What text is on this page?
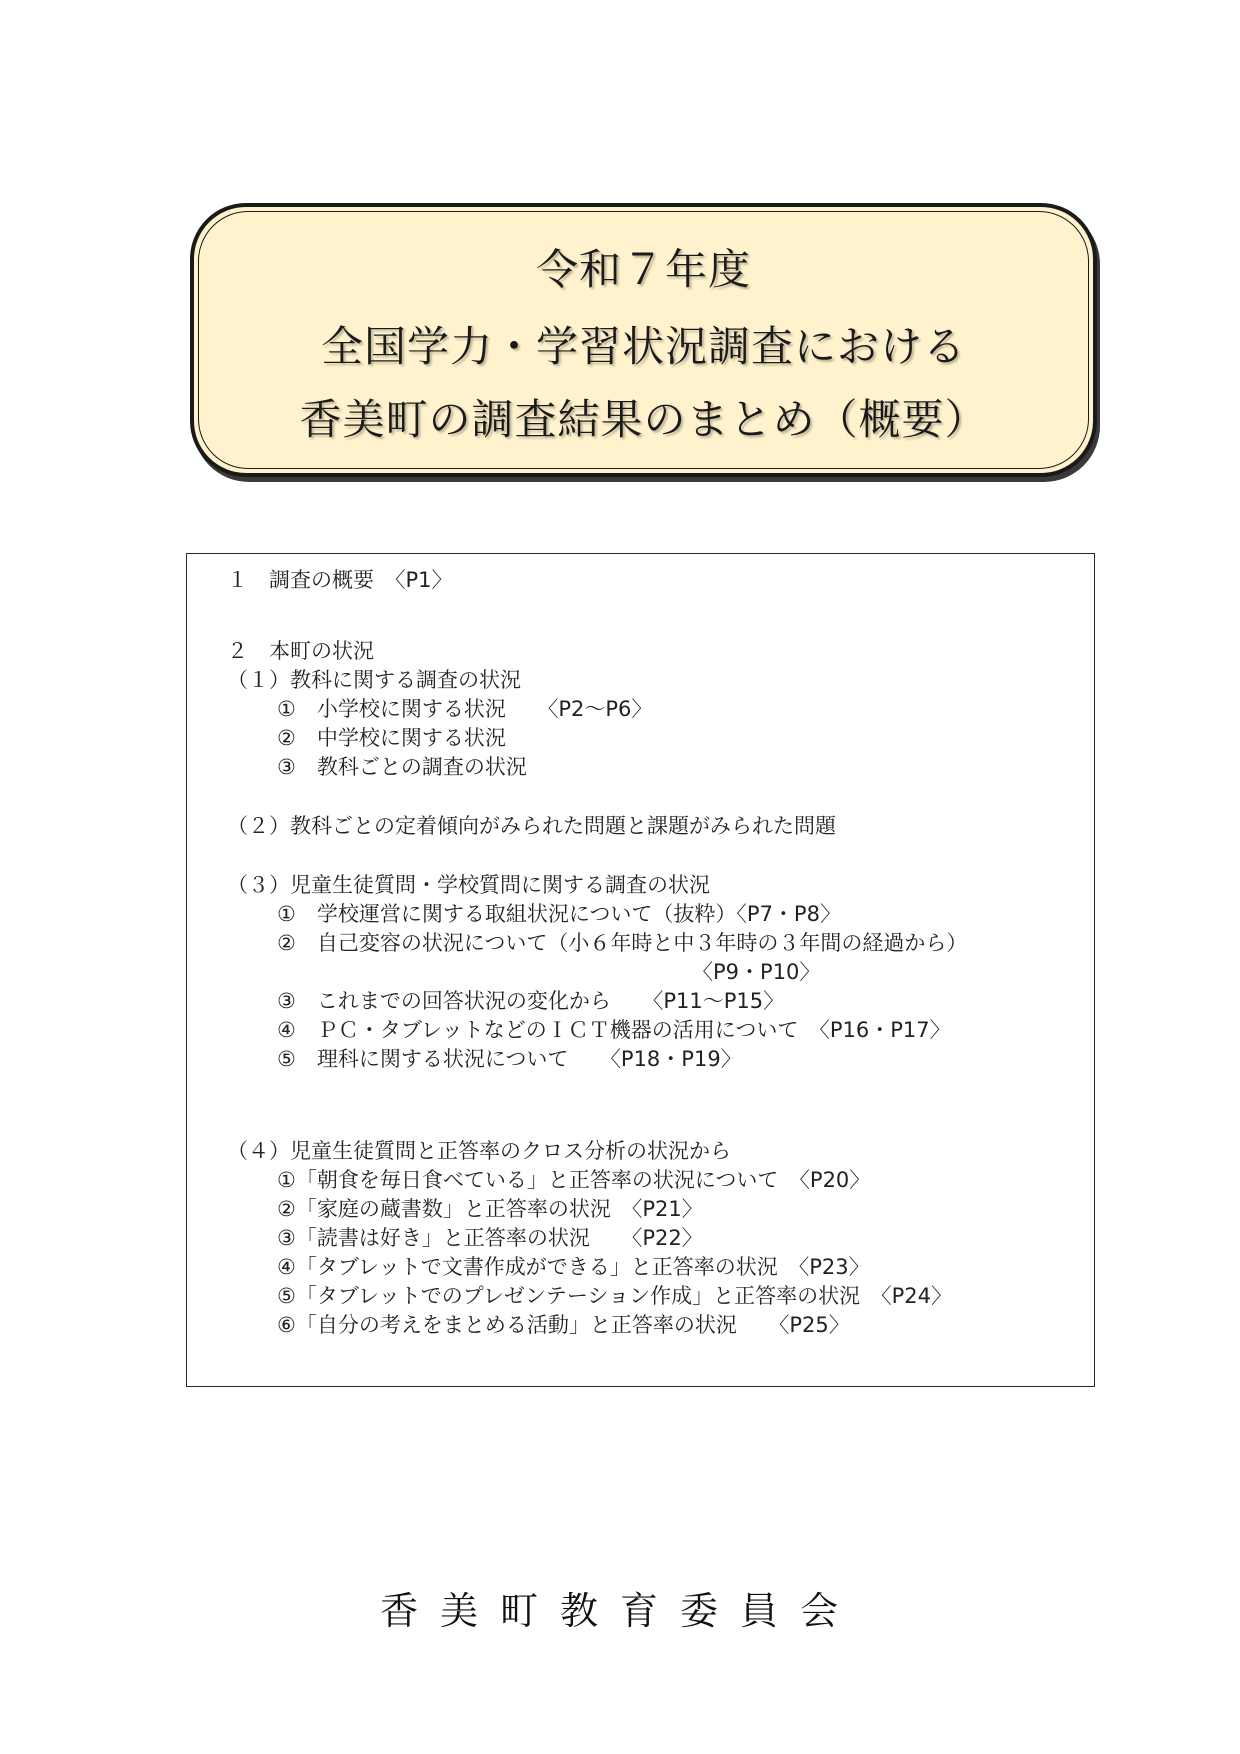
令和７年度
全国学力・学習状況調査における
香美町の調査結果のまとめ（概要）
１　調査の概要　〈P1〉
２　本町の状況
（１）教科に関する調査の状況
①　小学校に関する状況　　〈P2〜P6〉
②　中学校に関する状況
③　教科ごとの調査の状況
（２）教科ごとの定着傾向がみられた問題と課題がみられた問題
（３）児童生徒質問・学校質問に関する調査の状況
①　学校運営に関する取組状況について（抜粋）〈P7・P8〉
②　自己変容の状況について（小６年時と中３年時の３年間の経過から）
〈P9・P10〉
③　これまでの回答状況の変化から　　〈P11〜P15〉
④　ＰＣ・タブレットなどのＩＣＴ機器の活用について　〈P16・P17〉
⑤　理科に関する状況について　　〈P18・P19〉
（４）児童生徒質問と正答率のクロス分析の状況から
①「朝食を毎日食べている」と正答率の状況について　〈P20〉
②「家庭の蔵書数」と正答率の状況　〈P21〉
③「読書は好き」と正答率の状況　　〈P22〉
④「タブレットで文書作成ができる」と正答率の状況　〈P23〉
⑤「タブレットでのプレゼンテーション作成」と正答率の状況　〈P24〉
⑥「自分の考えをまとめる活動」と正答率の状況　　〈P25〉
香美町教育委員会
